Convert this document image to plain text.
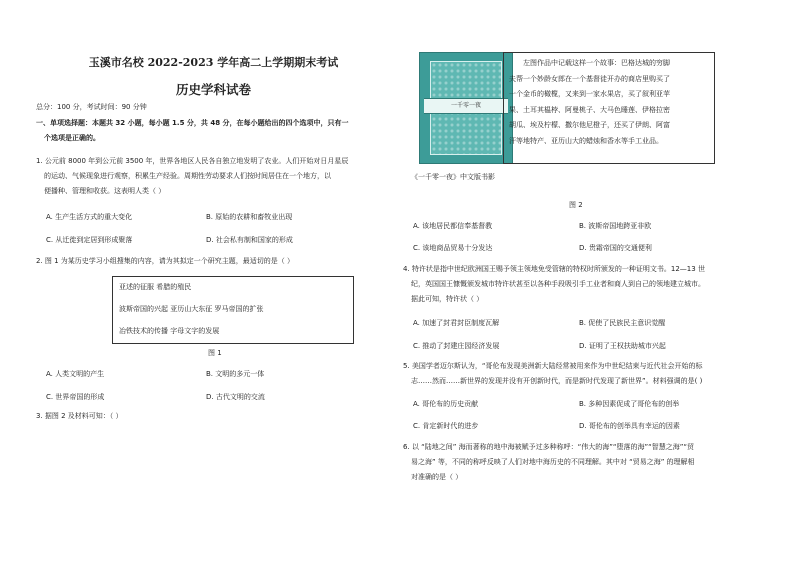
玉溪市名校 2022-2023 学年高二上学期期末考试
历史学科试卷
总分：100 分，考试时间：90 分钟
一、单项选择题：本题共 32 小题，每小题 1.5 分，共 48 分，在每小题给出的四个选项中，只有一
个选项是正确的。
1. 公元前 8000 年到公元前 3500 年，世界各地区人民各自独立地发明了农业。人们开始对日月星辰
的运动、气候现象进行观察，积累生产经验。周期性劳动要求人们按时间居住在一个地方，以
便播种、管理和收获。这表明人类（ ）
A. 生产生活方式的重大变化	B. 原始的农耕和畜牧业出现
C. 从迁徙到定居到形成聚落	D. 社会私有制和国家的形成
2. 图 1 为某历史学习小组搜集的内容，请为其拟定一个研究主题，最适切的是（ ）
亚述的征服 希腊的殖民
波斯帝国的兴起 亚历山大东征 罗马帝国的扩张
冶铁技术的传播 字母文字的发展
图 1
A. 人类文明的产生	B. 文明的多元一体
C. 世界帝国的形成	D. 古代文明的交流
3. 据图 2 及材料可知：（ ）
一千零一夜
左图作品中记载这样一个故事：巴格达城的穷脚
夫帮一个妙龄女郎在一个基督徒开办的商店里购买了
一个金币的橄榄，又来到一家水果店，买了叙利亚苹
果、土耳其榅桲、阿曼桃子、大马色睡莲、伊格拉密
胡瓜、埃及柠檬、撒尔他尼橙子，还买了伊朗、阿富
汗等地特产、亚历山大的蜡烛和香水等手工业品。
《一千零一夜》中文版书影
图 2
A. 该地居民都信奉基督教	B. 波斯帝国地跨亚非欧
C. 该地商品贸易十分发达	D. 贵霜帝国的交通便利
4. 特许状是指中世纪欧洲国王赐予领主领地免受管辖的特权时所颁发的一种证明文书。12—13 世
纪，英国国王慷慨颁发城市特许状甚至以各种手段吸引手工业者和商人到自己的领地建立城市。
据此可知，特许状（ ）
A. 加速了封君封臣制度瓦解	B. 促使了民族民主意识觉醒
C. 推动了封建庄园经济发展	D. 证明了王权扶助城市兴起
5. 美国学者迈尔斯认为，“哥伦布发现美洲新大陆经常被用来作为中世纪结束与近代社会开始的标
志……然而……新世界的发现并没有开创新时代，而是新时代发现了新世界”。材料强调的是( )
A. 哥伦布的历史贡献	B. 多种因素促成了哥伦布的创举
C. 肯定新时代的进步	D. 哥伦布的创举具有幸运的因素
6. 以 “陆地之间” 海而著称的地中海被赋予过多种称呼：“伟大的海”“堕落的海”“智慧之海”“贸
易之海” 等，不同的称呼反映了人们对地中海历史的不同理解。其中对 “贸易之海” 的理解相
对准确的是（ ）
